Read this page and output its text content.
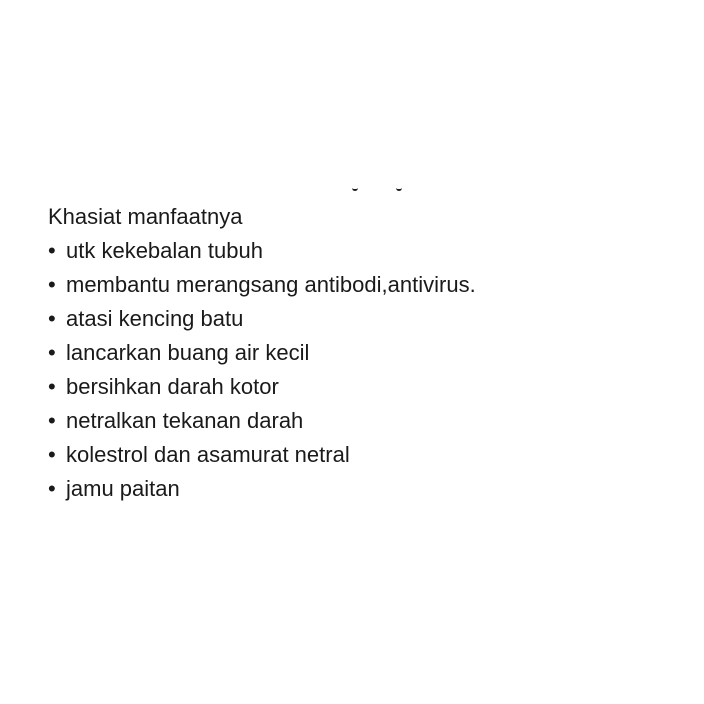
Khasiat manfaatnya

• utk kekebalan tubuh
• membantu merangsang antibodi,antivirus.
• atasi kencing batu
• lancarkan buang air kecil
• bersihkan darah kotor
• netralkan tekanan darah
• kolestrol dan asamurat netral
• jamu paitan
